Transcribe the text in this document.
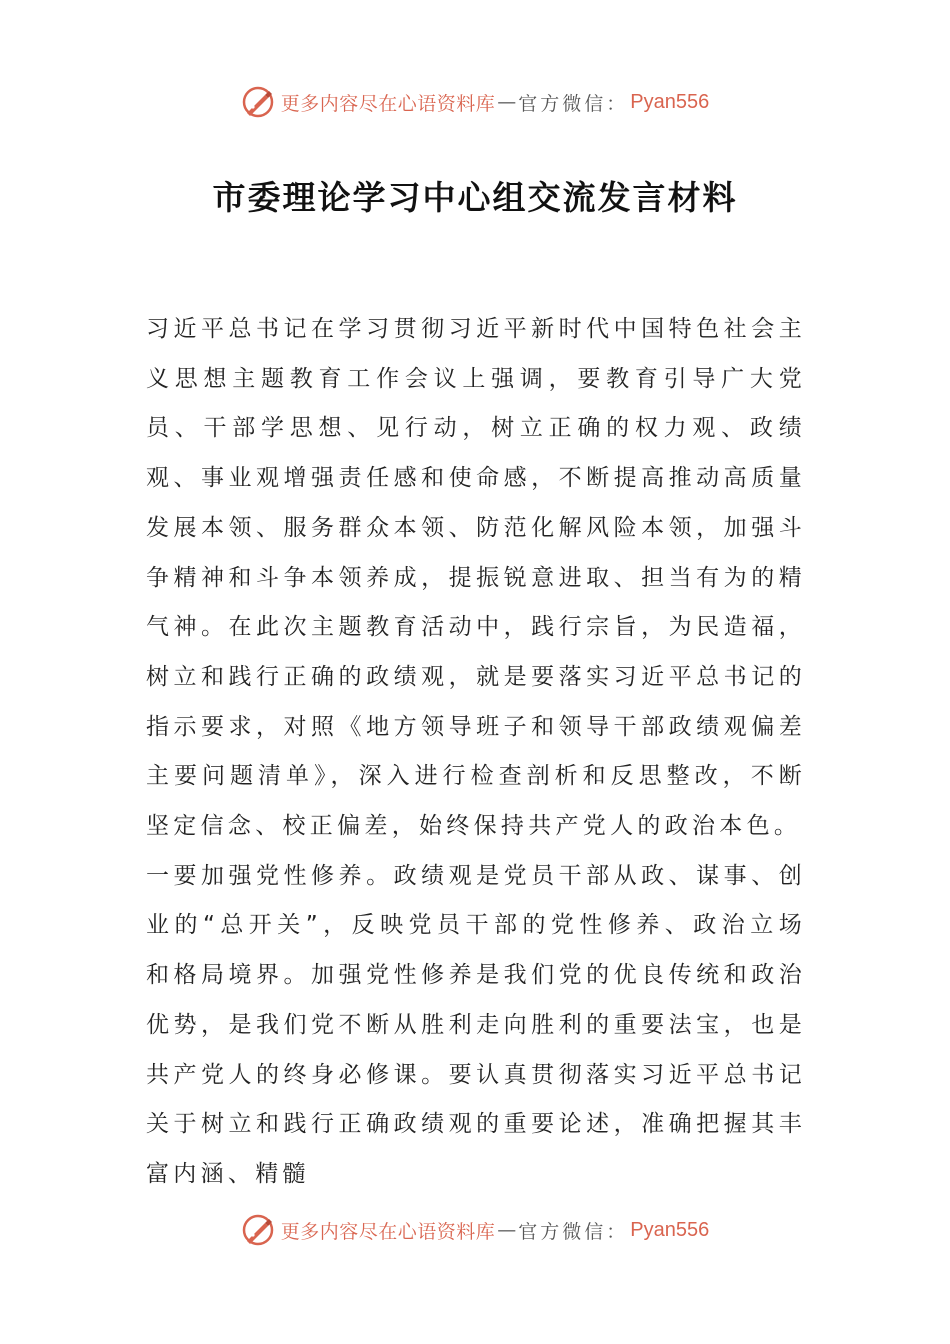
更多内容尽在心语资料库 — 官方微信： Pyan556
市委理论学习中心组交流发言材料

习近平总书记在学习贯彻习近平新时代中国特色社会主义思想主题教育工作会议上强调，要教育引导广大党员、干部学思想、见行动，树立正确的权力观、政绩观、事业观增强责任感和使命感，不断提高推动高质量发展本领、服务群众本领、防范化解风险本领，加强斗争精神和斗争本领养成，提振锐意进取、担当有为的精气神。在此次主题教育活动中，践行宗旨，为民造福，树立和践行正确的政绩观，就是要落实习近平总书记的指示要求，对照《地方领导班子和领导干部政绩观偏差主要问题清单》，深入进行检查剖析和反思整改，不断坚定信念、校正偏差，始终保持共产党人的政治本色。

一要加强党性修养。政绩观是党员干部从政、谋事、创业的“总开关”，反映党员干部的党性修养、政治立场和格局境界。加强党性修养是我们党的优良传统和政治优势，是我们党不断从胜利走向胜利的重要法宝，也是共产党人的终身必修课。要认真贯彻落实习近平总书记关于树立和践行正确政绩观的重要论述，准确把握其丰富内涵、精髓

更多内容尽在心语资料库 — 官方微信： Pyan556
